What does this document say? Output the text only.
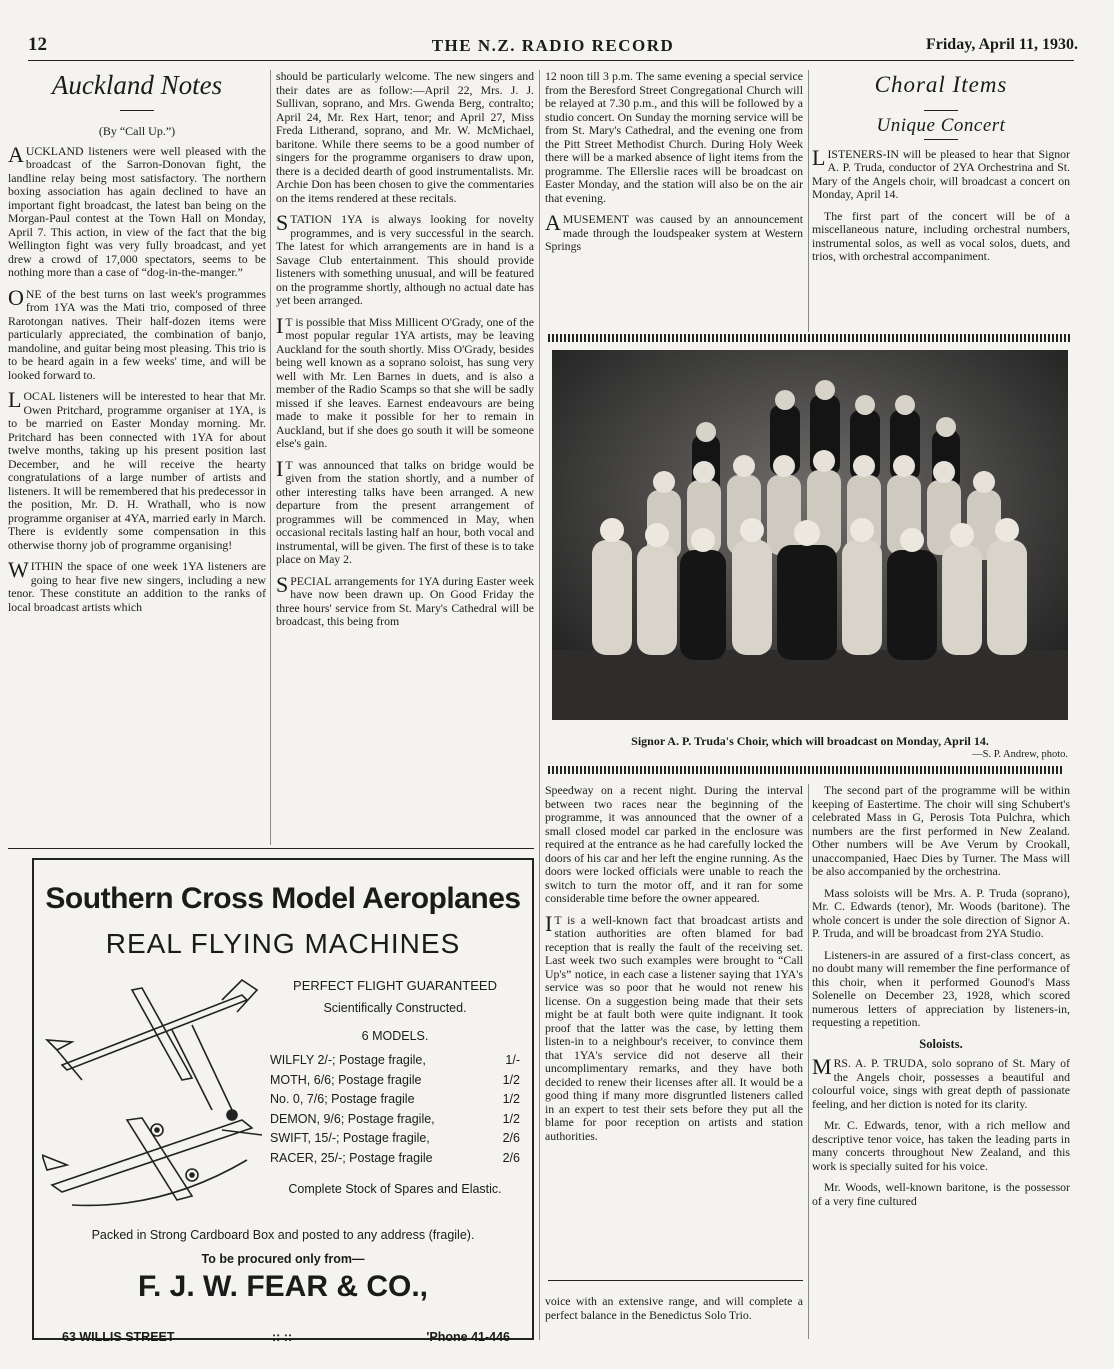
12	THE N.Z. RADIO RECORD	Friday, April 11, 1930.
Auckland Notes
(By “Call Up.”)

AUCKLAND listeners were well pleased with the broadcast of the Sarron-Donovan fight, the landline relay being most satisfactory. The northern boxing association has again declined to have an important fight broadcast, the latest ban being on the Morgan-Paul contest at the Town Hall on Monday, April 7. This action, in view of the fact that the big Wellington fight was very fully broadcast, and yet drew a crowd of 17,000 spectators, seems to be nothing more than a case of “dog-in-the-manger.”

ONE of the best turns on last week's programmes from 1YA was the Mati trio, composed of three Rarotongan natives. Their half-dozen items were particularly appreciated, the combination of banjo, mandoline, and guitar being most pleasing. This trio is to be heard again in a few weeks' time, and will be looked forward to.

LOCAL listeners will be interested to hear that Mr. Owen Pritchard, programme organiser at 1YA, is to be married on Easter Monday morning. Mr. Pritchard has been connected with 1YA for about twelve months, taking up his present position last December, and he will receive the hearty congratulations of a large number of artists and listeners. It will be remembered that his predecessor in the position, Mr. D. H. Wrathall, who is now programme organiser at 4YA, married early in March. There is evidently some compensation in this otherwise thorny job of programme organising!

WITHIN the space of one week 1YA listeners are going to hear five new singers, including a new tenor. These constitute an addition to the ranks of local broadcast artists which

should be particularly welcome. The new singers and their dates are as follow:—April 22, Mrs. J. J. Sullivan, soprano, and Mrs. Gwenda Berg, contralto; April 24, Mr. Rex Hart, tenor; and April 27, Miss Freda Litherand, soprano, and Mr. W. McMichael, baritone. While there seems to be a good number of singers for the programme organisers to draw upon, there is a decided dearth of good instrumentalists. Mr. Archie Don has been chosen to give the commentaries on the items rendered at these recitals.

STATION 1YA is always looking for novelty programmes, and is very successful in the search. The latest for which arrangements are in hand is a Savage Club entertainment. This should provide listeners with something unusual, and will be featured on the programme shortly, although no actual date has yet been arranged.

I T is possible that Miss Millicent O'Grady, one of the most popular regular 1YA artists, may be leaving Auckland for the south shortly. Miss O'Grady, besides being well known as a soprano soloist, has sung very well with Mr. Len Barnes in duets, and is also a member of the Radio Scamps so that she will be sadly missed if she leaves. Earnest endeavours are being made to make it possible for her to remain in Auckland, but if she does go south it will be someone else's gain.

I T was announced that talks on bridge would be given from the station shortly, and a number of other interesting talks have been arranged. A new departure from the present arrangement of programmes will be commenced in May, when occasional recitals lasting half an hour, both vocal and instrumental, will be given. The first of these is to take place on May 2.

SPECIAL arrangements for 1YA during Easter week have now been drawn up. On Good Friday the three hours' service from St. Mary's Cathedral will be broadcast, this being from

12 noon till 3 p.m. The same evening a special service from the Beresford Street Congregational Church will be relayed at 7.30 p.m., and this will be followed by a studio concert. On Sunday the morning service will be from St. Mary's Cathedral, and the evening one from the Pitt Street Methodist Church. During Holy Week there will be a marked absence of light items from the programme. The Ellerslie races will be broadcast on Easter Monday, and the station will also be on the air that evening.

AMUSEMENT was caused by an announcement made through the loudspeaker system at Western Springs

Choral Items
Unique Concert

LISTENERS-IN will be pleased to hear that Signor A. P. Truda, conductor of 2YA Orchestrina and St. Mary of the Angels choir, will broadcast a concert on Monday, April 14.

The first part of the concert will be of a miscellaneous nature, including orchestral numbers, instrumental solos, as well as vocal solos, duets, and trios, with orchestral accompaniment.

Signor A. P. Truda's Choir, which will broadcast on Monday, April 14.
—S. P. Andrew, photo.

Speedway on a recent night. During the interval between two races near the beginning of the programme, it was announced that the owner of a small closed model car parked in the enclosure was required at the entrance as he had carefully locked the doors of his car and her left the engine running. As the doors were locked officials were unable to reach the switch to turn the motor off, and it ran for some considerable time before the owner appeared.

I T is a well-known fact that broadcast artists and station authorities are often blamed for bad reception that is really the fault of the receiving set. Last week two such examples were brought to “Call Up's” notice, in each case a listener saying that 1YA's service was so poor that he would not renew his license. On a suggestion being made that their sets might be at fault both were quite indignant. It took proof that the latter was the case, by letting them listen-in to a neighbour's receiver, to convince them that 1YA's service did not deserve all their uncomplimentary remarks, and they have both decided to renew their licenses after all. It would be a good thing if many more disgruntled listeners called in an expert to test their sets before they put all the blame for poor reception on artists and station authorities.

voice with an extensive range, and will complete a perfect balance in the Benedictus Solo Trio.

The second part of the programme will be within keeping of Eastertime. The choir will sing Schubert's celebrated Mass in G, Perosis Tota Pulchra, which numbers are the first performed in New Zealand. Other numbers will be Ave Verum by Crookall, unaccompanied, Haec Dies by Turner. The Mass will be also accompanied by the orchestrina.

Mass soloists will be Mrs. A. P. Truda (soprano), Mr. C. Edwards (tenor), Mr. Woods (baritone). The whole concert is under the sole direction of Signor A. P. Truda, and will be broadcast from 2YA Studio.

Listeners-in are assured of a first-class concert, as no doubt many will remember the fine performance of this choir, when it performed Gounod's Mass Solenelle on December 23, 1928, which scored numerous letters of appreciation by listeners-in, requesting a repetition.

Soloists.

MRS. A. P. TRUDA, solo soprano of St. Mary of the Angels choir, possesses a beautiful and colourful voice, sings with great depth of passionate feeling, and her diction is noted for its clarity.

Mr. C. Edwards, tenor, with a rich mellow and descriptive tenor voice, has taken the leading parts in many concerts throughout New Zealand, and this work is specially suited for his voice.

Mr. Woods, well-known baritone, is the possessor of a very fine cultured

Southern Cross Model Aeroplanes
REAL FLYING MACHINES
PERFECT FLIGHT GUARANTEED
Scientifically Constructed.
6 MODELS.
WILFLY 2/-; Postage fragile,	1/-
MOTH, 6/6; Postage fragile	1/2
No. 0, 7/6; Postage fragile	1/2
DEMON, 9/6; Postage fragile,	1/2
SWIFT, 15/-; Postage fragile,	2/6
RACER, 25/-; Postage fragile	2/6
Complete Stock of Spares and Elastic.
Packed in Strong Cardboard Box and posted to any address (fragile).
To be procured only from—
F. J. W. FEAR & CO.,
63 WILLIS STREET	:: ::	'Phone 41-446
